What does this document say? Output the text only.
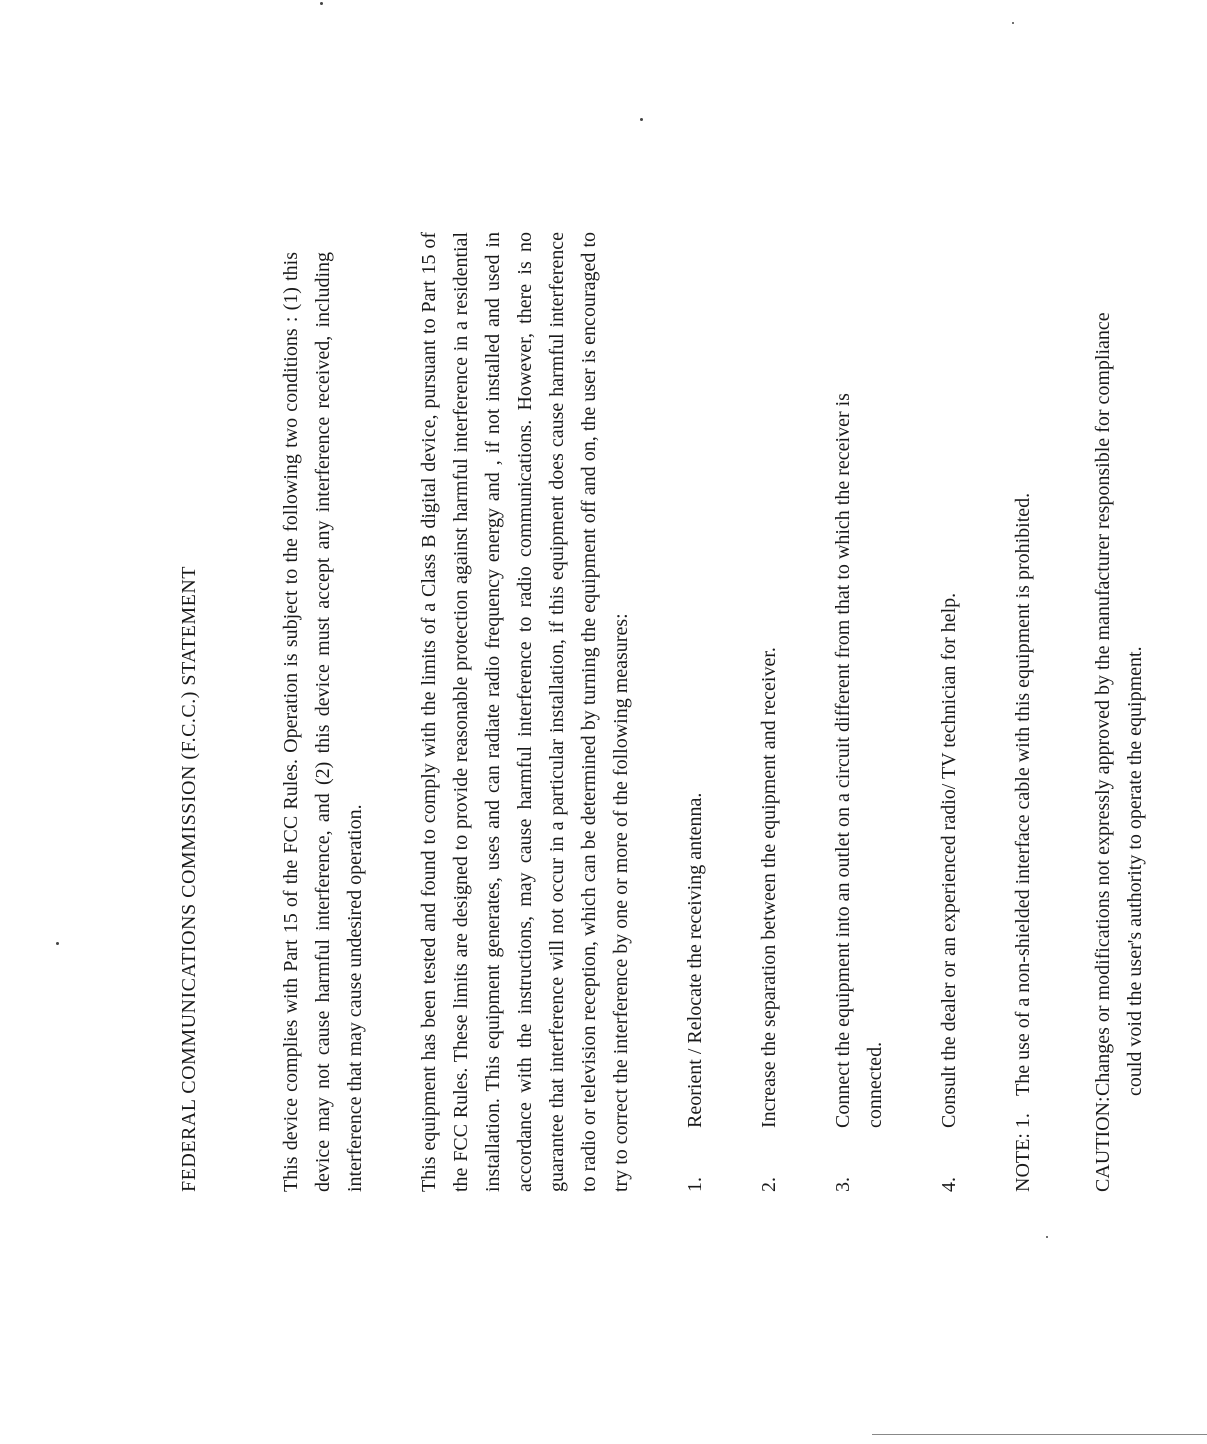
FEDERAL COMMUNICATIONS COMMISSION (F.C.C.) STATEMENT	This device complies with Part 15 of the FCC Rules. Operation is subject to the following two conditions : (1) this device may not cause harmful interference, and (2) this device must accept any interference received, including interference that may cause undesired operation.	This equipment has been tested and found to comply with the limits of a Class B digital device, pursuant to Part 15 of the FCC Rules. These limits are designed to provide reasonable protection against harmful interference in a residential installation. This equipment generates, uses and can radiate radio frequency energy and , if not installed and used in accordance with the instructions, may cause harmful interference to radio communications. However, there is no guarantee that interference will not occur in a particular installation, if this equipment does cause harmful interference to radio or television reception, which can be determined by turning the equipment off and on, the user is encouraged to try to correct the interference by one or more of the following measures:	1.
Reorient / Relocate the receiving antenna.
2.
Increase the separation between the equipment and receiver.
3.
Connect the equipment into an outlet on a circuit different from that to which the receiver is connected.
4.
Consult the dealer or an experienced radio/ TV technician for help.
NOTE: 1.
The use of a non-shielded interface cable with this equipment is prohibited.
CAUTION:
Changes or modifications not expressly approved by the manufacturer responsible for compliance could void the user's authority to operate the equipment.
